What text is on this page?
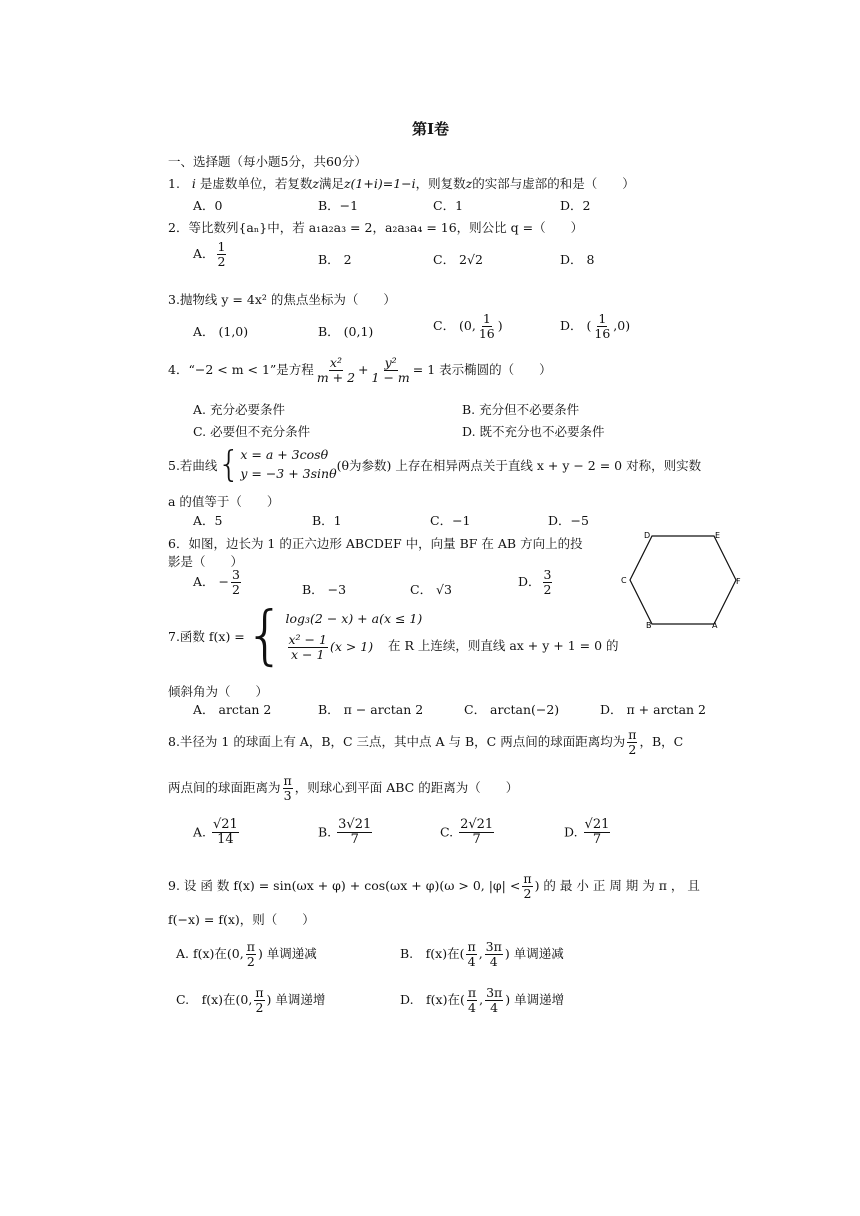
第Ⅰ卷
一、选择题（每小题5分，共60分）
1. i 是虚数单位，若复数z满足z(1+i)=1−i，则复数z的实部与虚部的和是（　　）
A．0	B．−1	C．1	D．2
2．等比数列{aₙ}中，若 a₁a₂a₃ = 2，a₂a₃a₄ = 16，则公比 q =（　　）
A． $\frac{1}{2}$	B． 2	C． 2√2	D． 8
3.抛物线 y = 4x² 的焦点坐标为（　　）
A． (1,0)	B． (0,1)	C． (0, $\frac{1}{16}$ )	D． ( $\frac{1}{16} ,0$)
4．“−2 < m < 1”是方程 $\frac{\text{x²}}{m + 2} + \frac{\text{y²}}{1 - m} = 1$ 表示椭圆的（　　）
A. 充分必要条件	B. 充分但不必要条件
C. 必要但不充分条件	D. 既不充分也不必要条件
5.若曲线 { x = a + 3cosθ
y = −3 + 3sinθ
(θ为参数) 上存在相异两点关于直线 x + y − 2 = 0 对称，则实数
a 的值等于（　　）
A．5	B．1	C．−1	D．−5
6．如图，边长为 1 的正六边形 ABCDEF 中，向量 BF 在 AB 方向上的投
影是（　　）
A． − $\frac{3}{2}$	B． −3	C． √3
D． $\frac{3}{2}$
D	E
C	F
B	A
7.函数 f(x) = { log₃(2 − x) + a(x ≤ 1)
$\frac{\text{x² − 1}}{x - 1} (x > 1)$	在 R 上连续，则直线 ax + y + 1 = 0 的
倾斜角为（　　）
A． arctan 2	B． π − arctan 2	C． arctan(−2)	D． π + arctan 2
8.半径为 1 的球面上有 A，B，C 三点，其中点 A 与 B，C 两点间的球面距离均为 $\frac{\pi}{2}$ ，B，C
两点间的球面距离为 $\frac{\pi}{3}$ ，则球心到平面 ABC 的距离为（　　）
A. $\frac{√21}{14}$	B. $\frac{3√21}{7}$	C. $\frac{2√21}{7}$	D. $\frac{√21}{7}$
9. 设 函 数 f(x) = sin(ωx + φ) + cos(ωx + φ)(ω > 0, $|\varphi| < \frac{\pi}{2}$ ) 的 最 小 正 周 期 为 π ， 且
f(−x) = f(x)，则（　　）
A. f(x)在(0, $\frac{\pi}{2}$ ) 单调递减	B.　f(x)在( $\frac{\pi}{4}$ , $\frac{3\pi}{4}$ ) 单调递减
C.　f(x)在(0, $\frac{\pi}{2}$ ) 单调递增	D.　f(x)在( $\frac{\pi}{4}$ , $\frac{3\pi}{4}$ ) 单调递增
